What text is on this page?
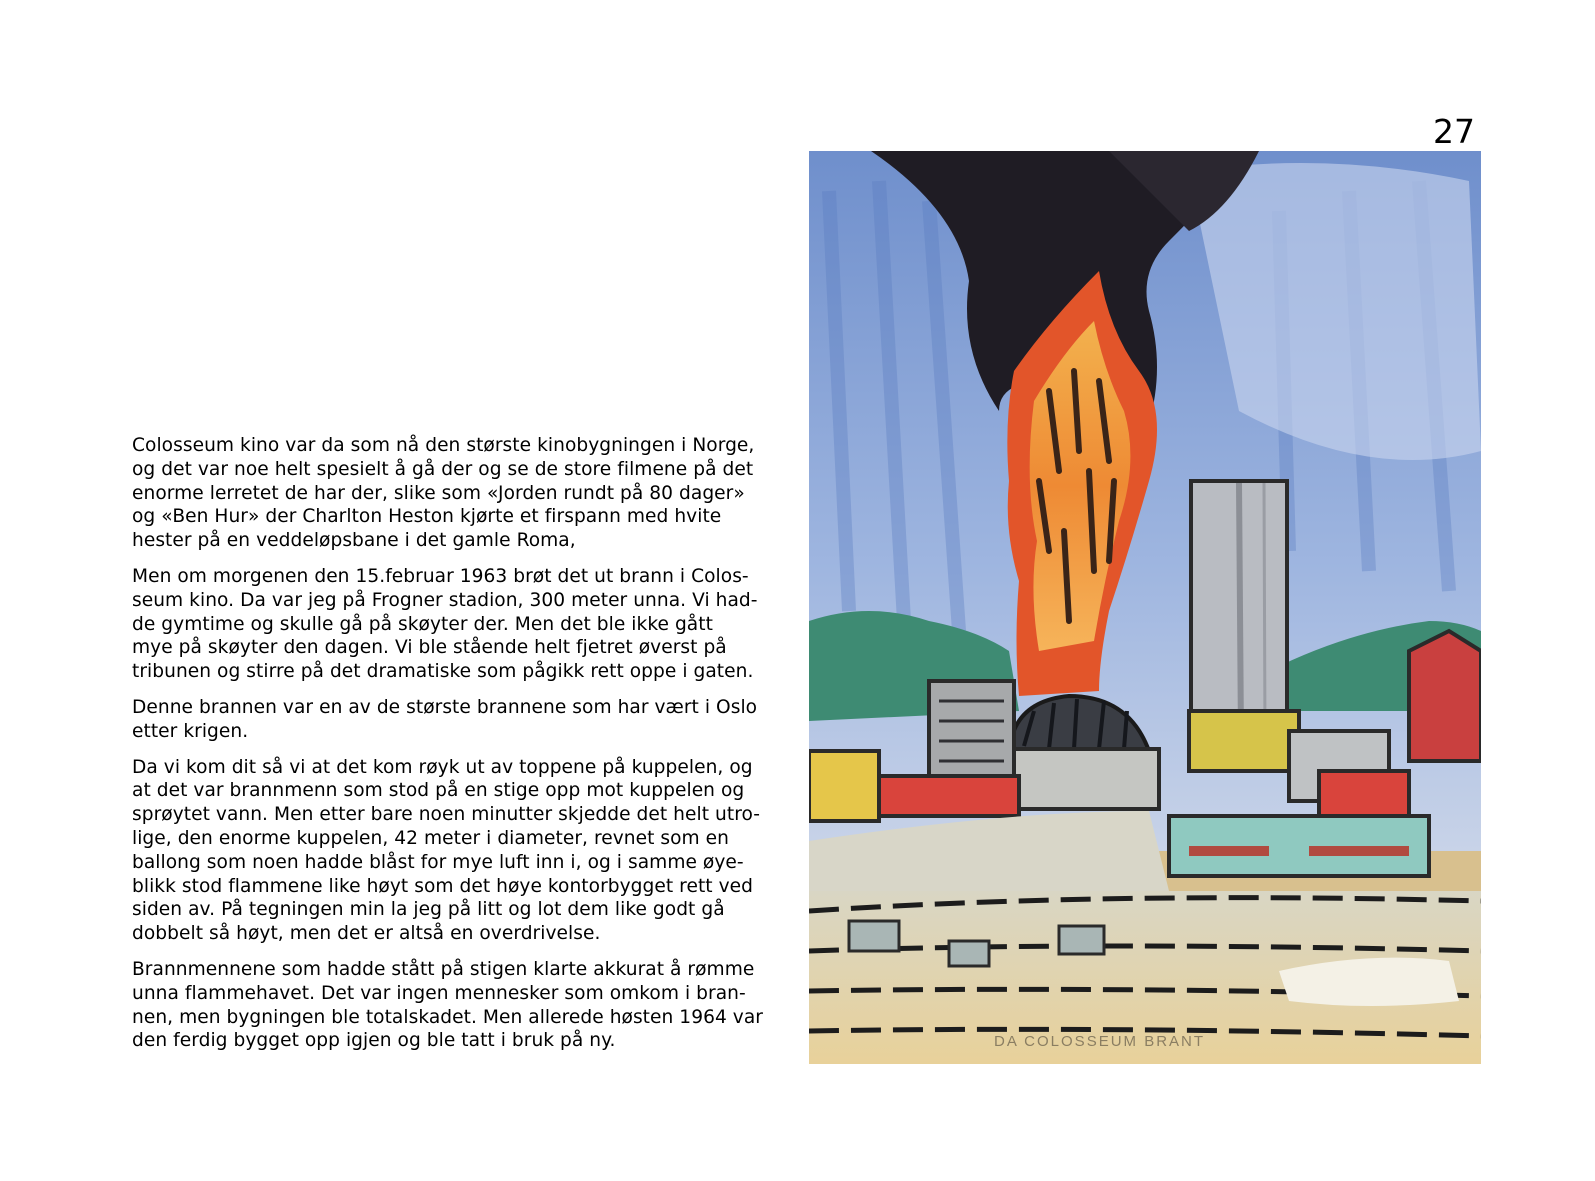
27

Colosseum kino var da som nå den største kinobygningen i Norge,
og det var noe helt spesielt å gå der og se de store filmene på det
enorme lerretet de har der, slike som «Jorden rundt på 80 dager»
og «Ben Hur» der Charlton Heston kjørte et firspann med hvite
hester på en veddeløpsbane i det gamle Roma,

Men om morgenen den 15.februar 1963 brøt det ut brann i Colos-
seum kino. Da var jeg på Frogner stadion, 300 meter unna. Vi had-
de gymtime og skulle gå på skøyter der. Men det ble ikke gått
mye på skøyter den dagen. Vi ble stående helt fjetret øverst på
tribunen og stirre på det dramatiske som pågikk rett oppe i gaten.

Denne brannen var en av de største brannene som har vært i Oslo
etter krigen.

Da vi kom dit så vi at det kom røyk ut av toppene på kuppelen, og
at det var brannmenn som stod på en stige opp mot kuppelen og
sprøytet vann. Men etter bare noen minutter skjedde det helt utro-
lige, den enorme kuppelen, 42 meter i diameter, revnet som en
ballong som noen hadde blåst for mye luft inn i, og i samme øye-
blikk stod flammene like høyt som det høye kontorbygget rett ved
siden av. På tegningen min la jeg på litt og lot dem like godt gå
dobbelt så høyt, men det er altså en overdrivelse.

Brannmennene som hadde stått på stigen klarte akkurat å rømme
unna flammehavet. Det var ingen mennesker som omkom i bran-
nen, men bygningen ble totalskadet. Men allerede høsten 1964 var
den ferdig bygget opp igjen og ble tatt i bruk på ny.	DA COLOSSEUM BRANT
